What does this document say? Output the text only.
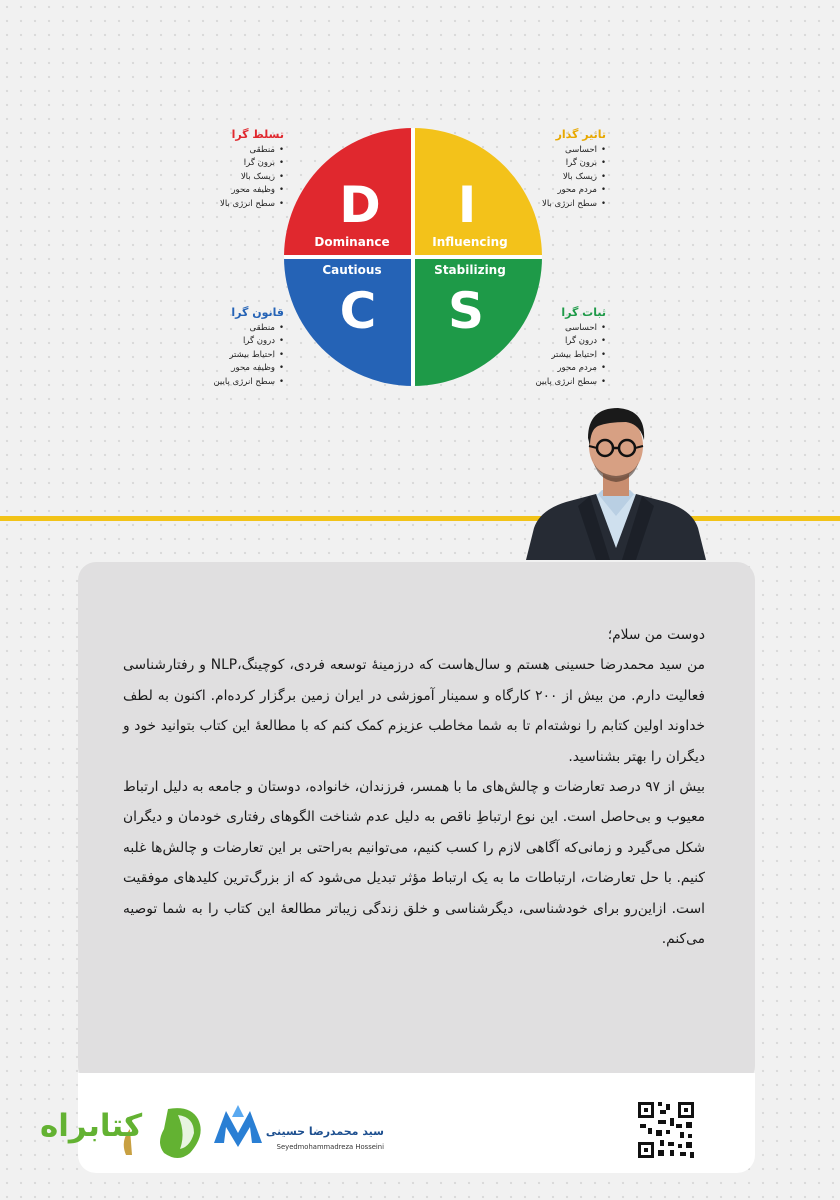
D
Dominance
I
Influencing
Cautious
C
Stabilizing
S
تسلط گرا
• منطقی
• برون گرا
• ریسک بالا
• وظیفه محور
• سطح انرژی بالا
تاثیر گذار
• احساسی
• برون گرا
• ریسک بالا
• مردم محور
• سطح انرژی بالا
قانون گرا
• منطقی
• درون گرا
• احتیاط بیشتر
• وظیفه محور
• سطح انرژی پایین
ثبات گرا
• احساسی
• درون گرا
• احتیاط بیشتر
• مردم محور
• سطح انرژی پایین

دوست من سلام؛

من سید محمدرضا حسینی هستم و سال‌هاست که درزمینهٔ توسعه فردی، کوچینگ،NLP و رفتارشناسی فعالیت دارم. من بیش از ۲۰۰ کارگاه و سمینار آموزشی در ایران زمین برگزار کرده‌ام. اکنون به لطف خداوند اولین کتابم را نوشته‌ام تا به شما مخاطب عزیزم کمک کنم که با مطالعهٔ این کتاب بتوانید خود و دیگران را بهتر بشناسید.

بیش از ۹۷ درصد تعارضات و چالش‌های ما با همسر، فرزندان، خانواده، دوستان و جامعه به دلیل ارتباط معیوب و بی‌حاصل است. این نوع ارتباطِ ناقص به دلیل عدم شناخت الگوهای رفتاری خودمان و دیگران شکل می‌گیرد و زمانی‌که آگاهی لازم را کسب کنیم، می‌توانیم به‌راحتی بر این تعارضات و چالش‌ها غلبه کنیم. با حل تعارضات، ارتباطات ما به یک ارتباط مؤثر تبدیل می‌شود که از بزرگ‌ترین کلیدهای موفقیت است. ازاین‌رو برای خودشناسی، دیگرشناسی و خلق زندگی زیباتر مطالعهٔ این کتاب را به شما توصیه می‌کنم.

کتابراه	سید محمدرضا حسینی
Seyedmohammadreza Hosseini
